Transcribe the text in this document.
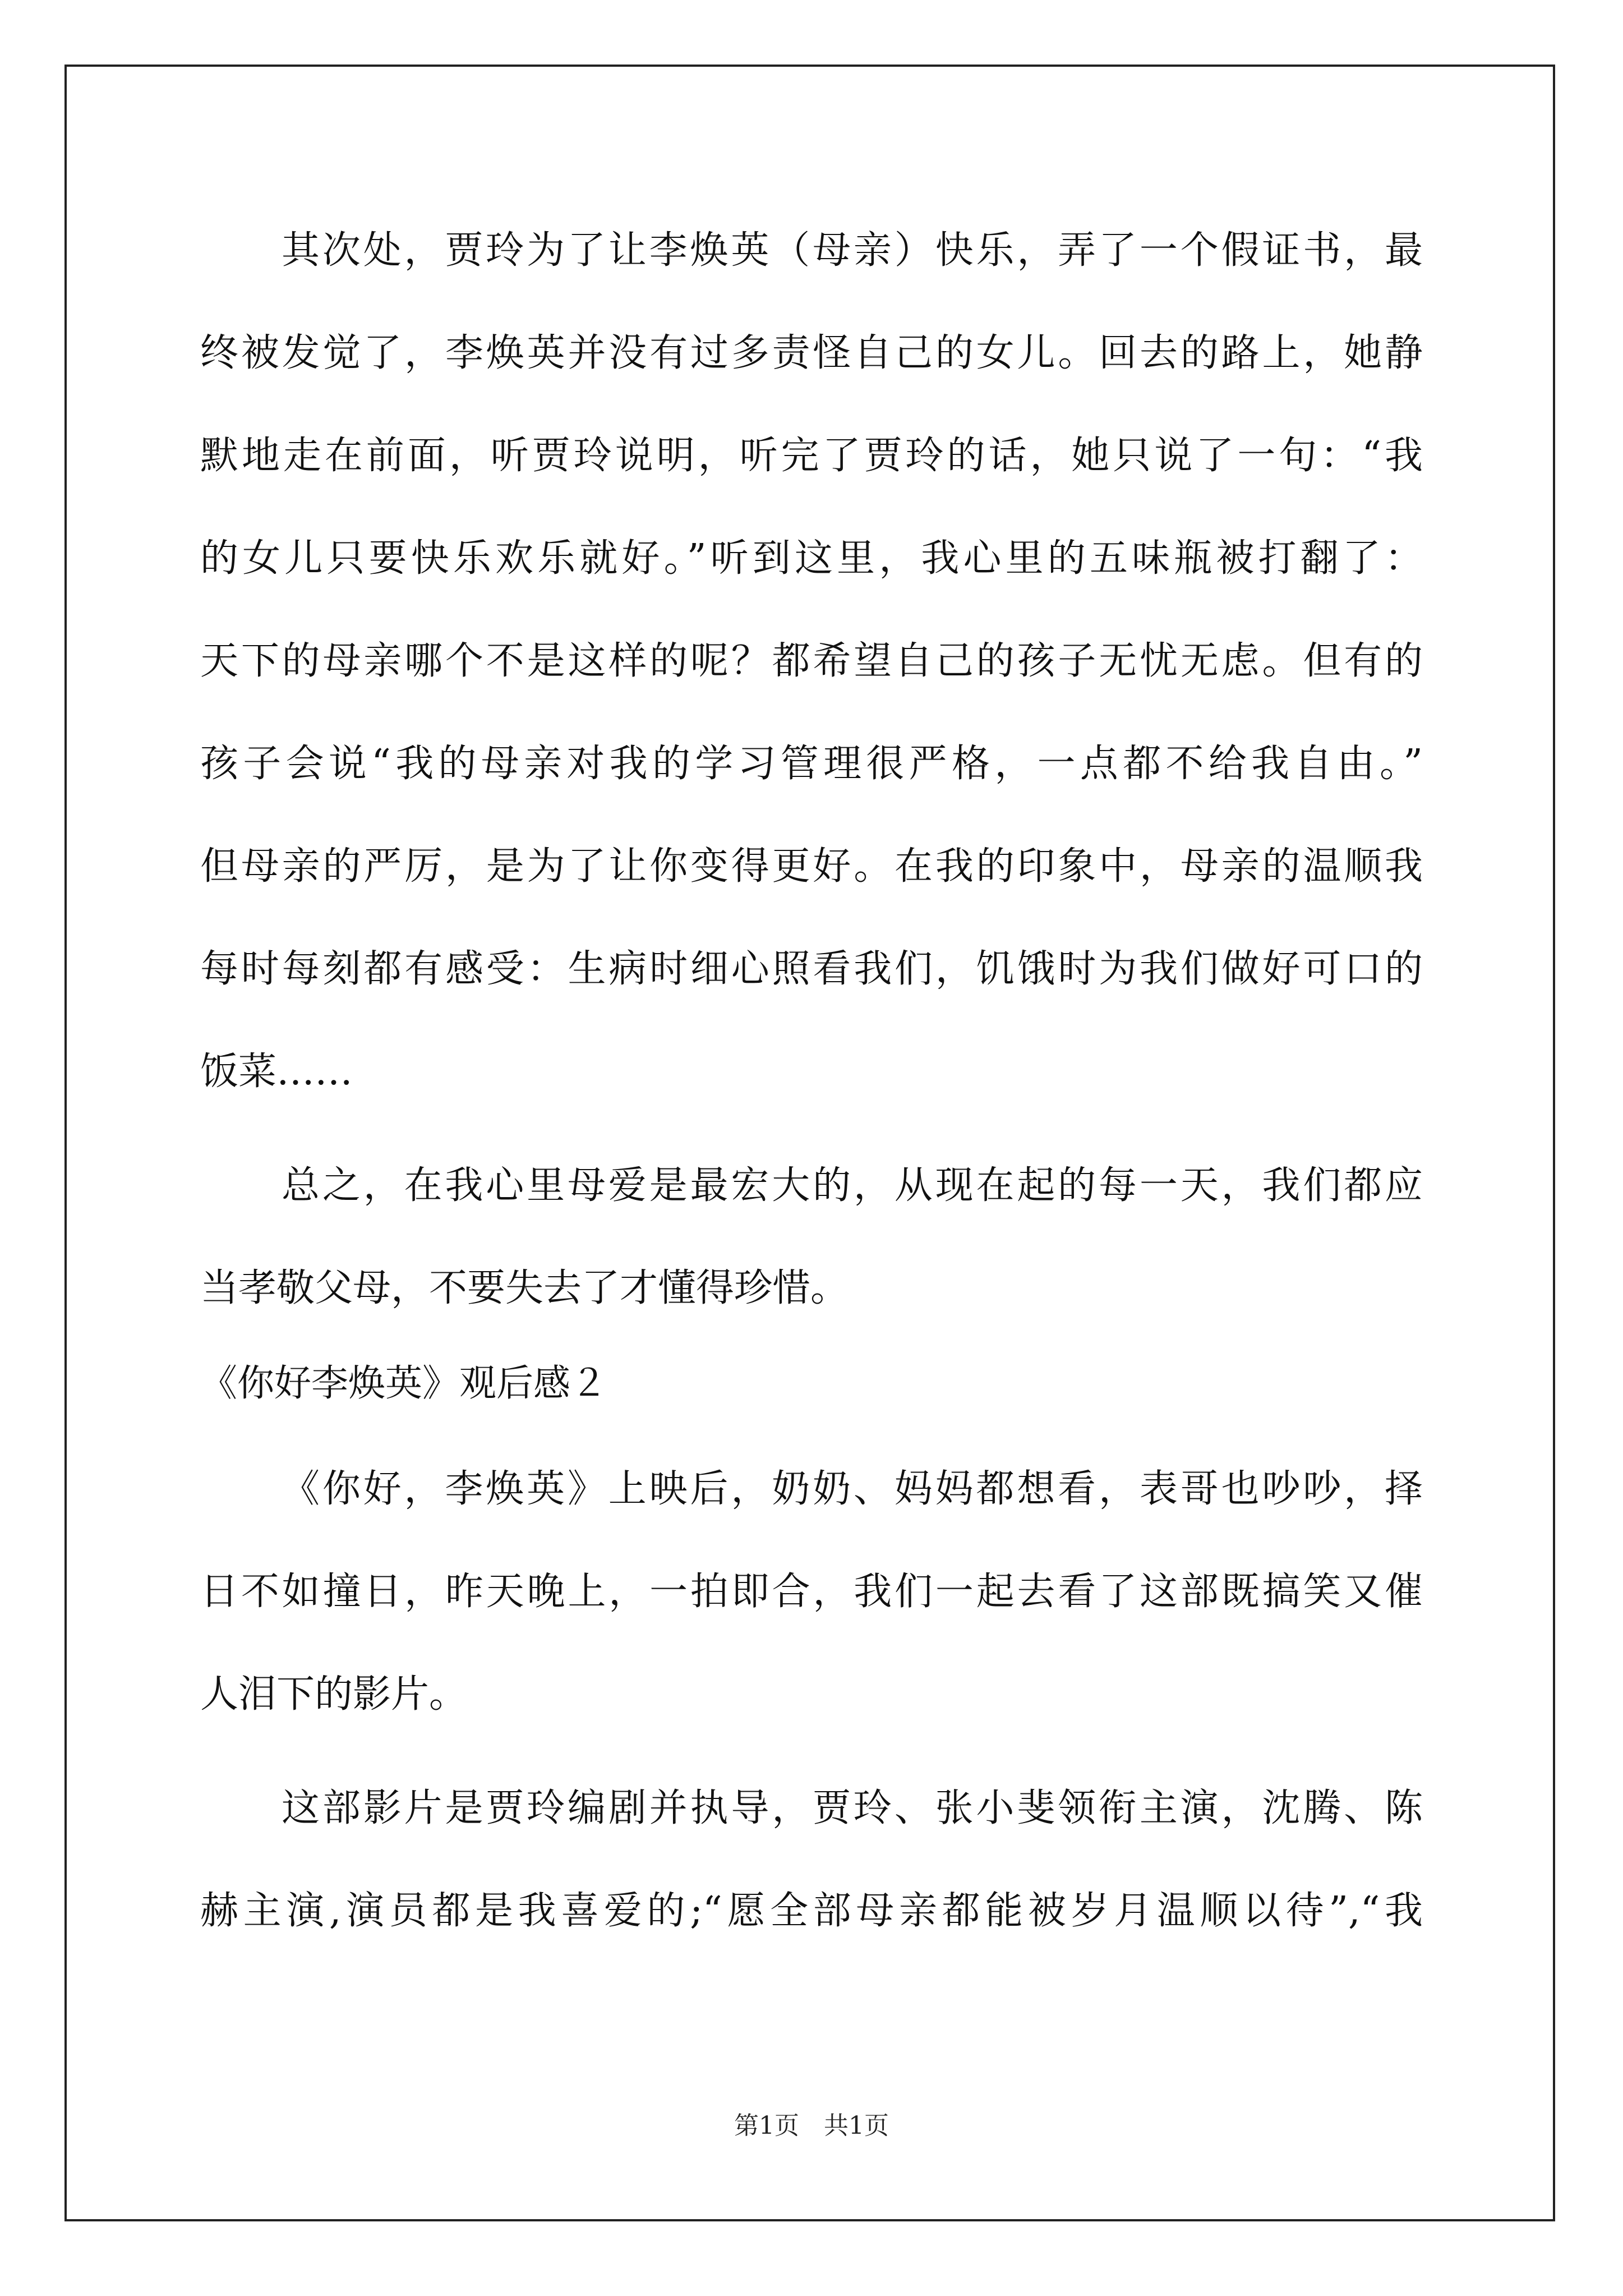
其次处，贾玲为了让李焕英（母亲）快乐，弄了一个假证书，最
终被发觉了，李焕英并没有过多责怪自己的女儿。回去的路上，她静
默地走在前面，听贾玲说明，听完了贾玲的话，她只说了一句：“我
的女儿只要快乐欢乐就好。”听到这里，我心里的五味瓶被打翻了：
天下的母亲哪个不是这样的呢？都希望自己的孩子无忧无虑。但有的
孩子会说“我的母亲对我的学习管理很严格，一点都不给我自由。”
但母亲的严厉，是为了让你变得更好。在我的印象中，母亲的温顺我
每时每刻都有感受：生病时细心照看我们，饥饿时为我们做好可口的
饭菜……
总之，在我心里母爱是最宏大的，从现在起的每一天，我们都应
当孝敬父母，不要失去了才懂得珍惜。
《你好李焕英》观后感２
《你好，李焕英》上映后，奶奶、妈妈都想看，表哥也吵吵，择
日不如撞日，昨天晚上，一拍即合，我们一起去看了这部既搞笑又催
人泪下的影片。
这部影片是贾玲编剧并执导，贾玲、张小斐领衔主演，沈腾、陈
赫主演,演员都是我喜爱的;“愿全部母亲都能被岁月温顺以待”,“我
第1页　共1页
